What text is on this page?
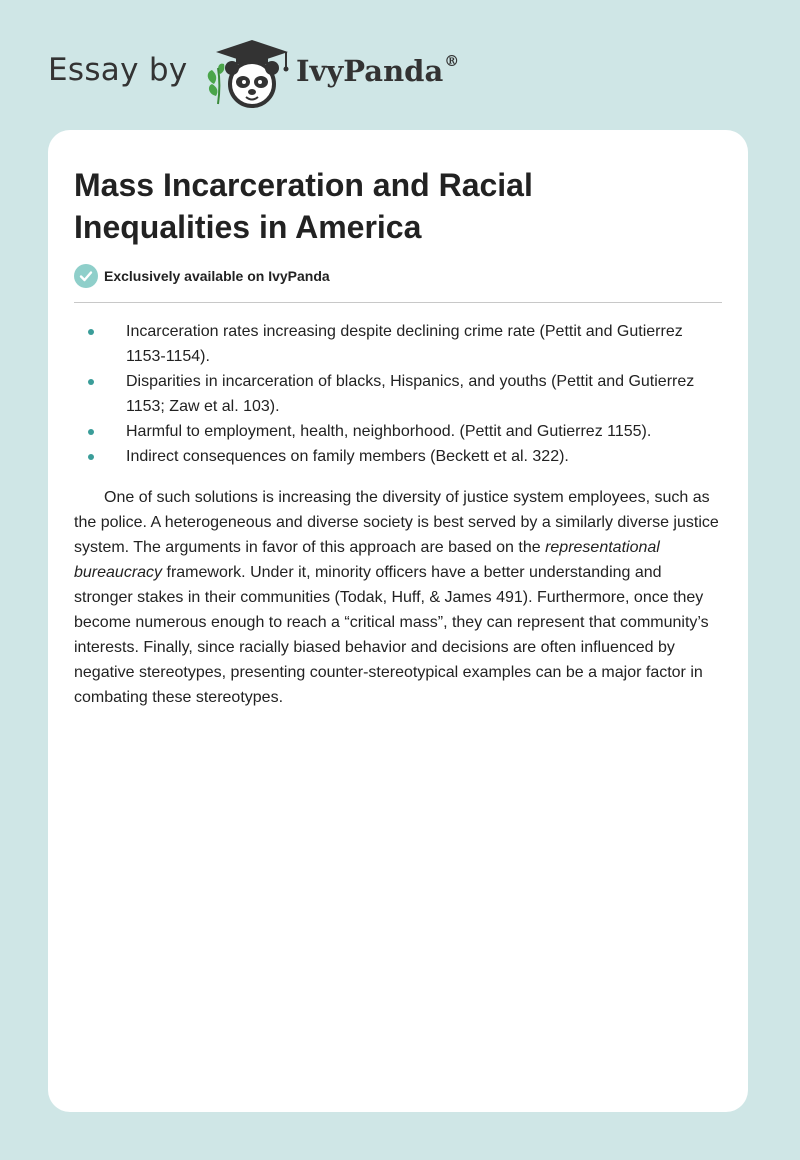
Essay by	IvyPanda®
Mass Incarceration and Racial Inequalities in America
Exclusively available on IvyPanda
Incarceration rates increasing despite declining crime rate (Pettit and Gutierrez 1153-1154).
Disparities in incarceration of blacks, Hispanics, and youths (Pettit and Gutierrez 1153; Zaw et al. 103).
Harmful to employment, health, neighborhood. (Pettit and Gutierrez 1155).
Indirect consequences on family members (Beckett et al. 322).

One of such solutions is increasing the diversity of justice system employees, such as the police. A heterogeneous and diverse society is best served by a similarly diverse justice system. The arguments in favor of this approach are based on the representational bureaucracy framework. Under it, minority officers have a better understanding and stronger stakes in their communities (Todak, Huff, & James 491). Furthermore, once they become numerous enough to reach a “critical mass”, they can represent that community’s interests. Finally, since racially biased behavior and decisions are often influenced by negative stereotypes, presenting counter-stereotypical examples can be a major factor in combating these stereotypes.
